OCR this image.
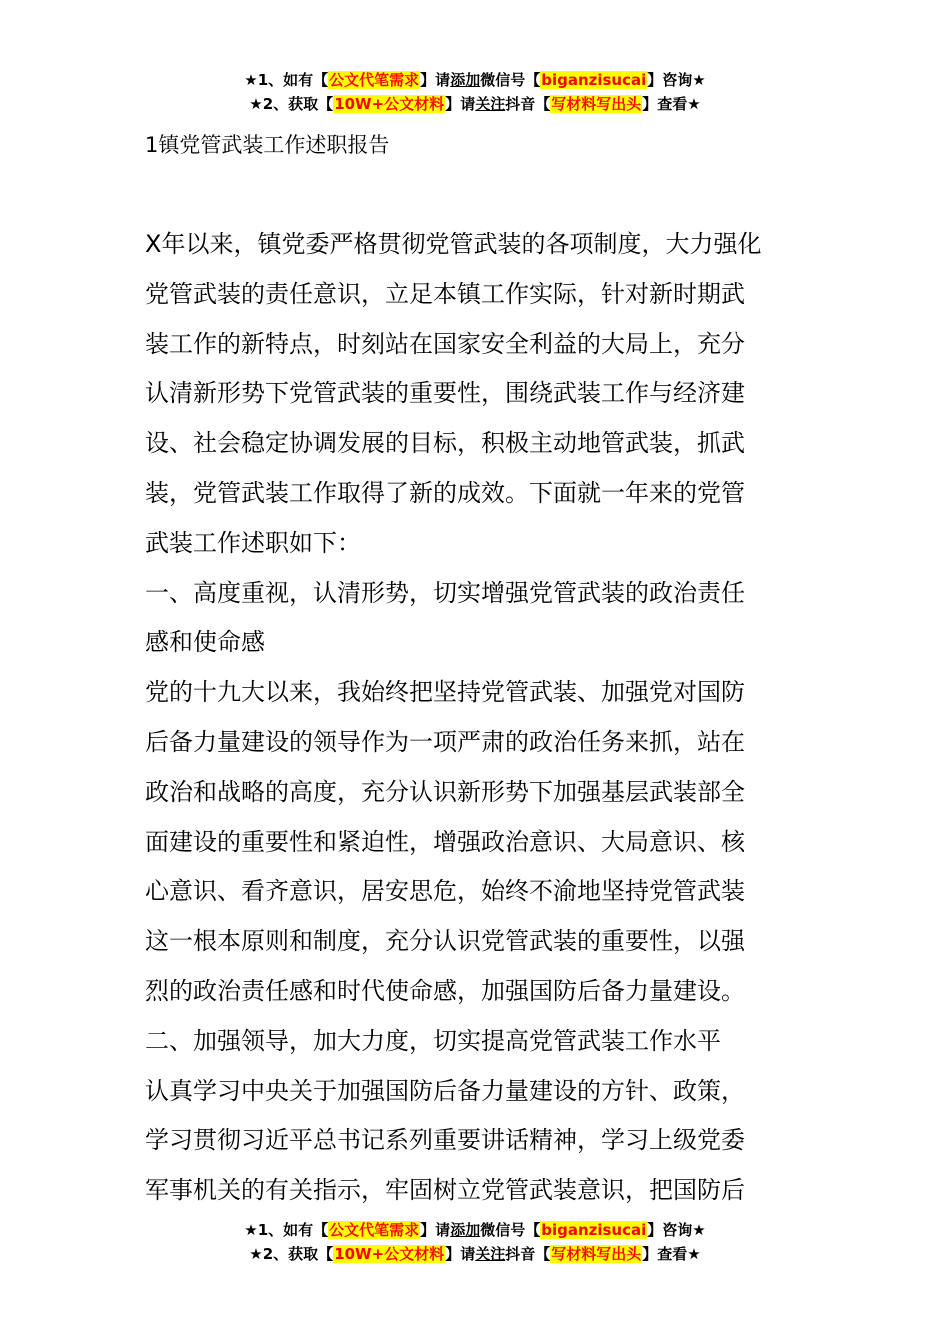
★1、如有【公文代笔需求】请添加微信号【biganzisucai】咨询★
★2、获取【10W+公文材料】请关注抖音【写材料写出头】查看★
1镇党管武装工作述职报告
X年以来，镇党委严格贯彻党管武装的各项制度，大力强化
党管武装的责任意识，立足本镇工作实际，针对新时期武
装工作的新特点，时刻站在国家安全利益的大局上，充分
认清新形势下党管武装的重要性，围绕武装工作与经济建
设、社会稳定协调发展的目标，积极主动地管武装，抓武
装，党管武装工作取得了新的成效。下面就一年来的党管
武装工作述职如下：
一、高度重视，认清形势，切实增强党管武装的政治责任
感和使命感
党的十九大以来，我始终把坚持党管武装、加强党对国防
后备力量建设的领导作为一项严肃的政治任务来抓，站在
政治和战略的高度，充分认识新形势下加强基层武装部全
面建设的重要性和紧迫性，增强政治意识、大局意识、核
心意识、看齐意识，居安思危，始终不渝地坚持党管武装
这一根本原则和制度，充分认识党管武装的重要性，以强
烈的政治责任感和时代使命感，加强国防后备力量建设。
二、加强领导，加大力度，切实提高党管武装工作水平
认真学习中央关于加强国防后备力量建设的方针、政策，
学习贯彻习近平总书记系列重要讲话精神，学习上级党委
军事机关的有关指示，牢固树立党管武装意识，把国防后
★1、如有【公文代笔需求】请添加微信号【biganzisucai】咨询★
★2、获取【10W+公文材料】请关注抖音【写材料写出头】查看★
